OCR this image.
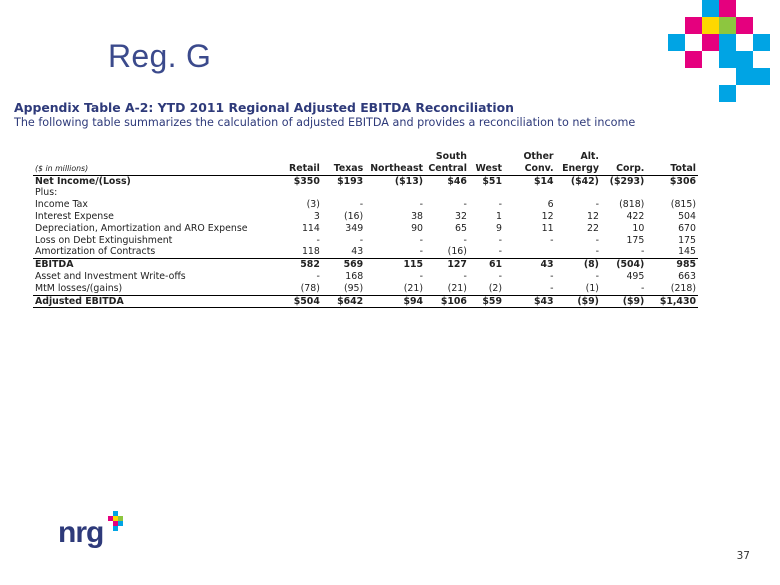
Reg. G
Appendix Table A-2: YTD 2011 Regional Adjusted EBITDA Reconciliation
The following table summarizes the calculation of adjusted EBITDA and provides a reconciliation to net income
				South		Other	Alt.		
($ in millions)	Retail	Texas	Northeast	Central	West	Conv.	Energy	Corp.	Total
Net Income/(Loss)	$350	$193	($13)	$46	$51	$14	($42)	($293)	$306
Plus:									
Income Tax	(3)	-	-	-	-	6	-	(818)	(815)
Interest Expense	3	(16)	38	32	1	12	12	422	504
Depreciation, Amortization and ARO Expense	114	349	90	65	9	11	22	10	670
Loss on Debt Extinguishment	-	-	-	-	-	-	-	175	175
Amortization of Contracts	118	43	-	(16)	-		-	-	145
EBITDA	582	569	115	127	61	43	(8)	(504)	985
Asset and Investment Write-offs	-	168	-	-	-	-	-	495	663
MtM losses/(gains)	(78)	(95)	(21)	(21)	(2)	-	(1)	-	(218)
Adjusted EBITDA	$504	$642	$94	$106	$59	$43	($9)	($9)	$1,430
nrg
37
